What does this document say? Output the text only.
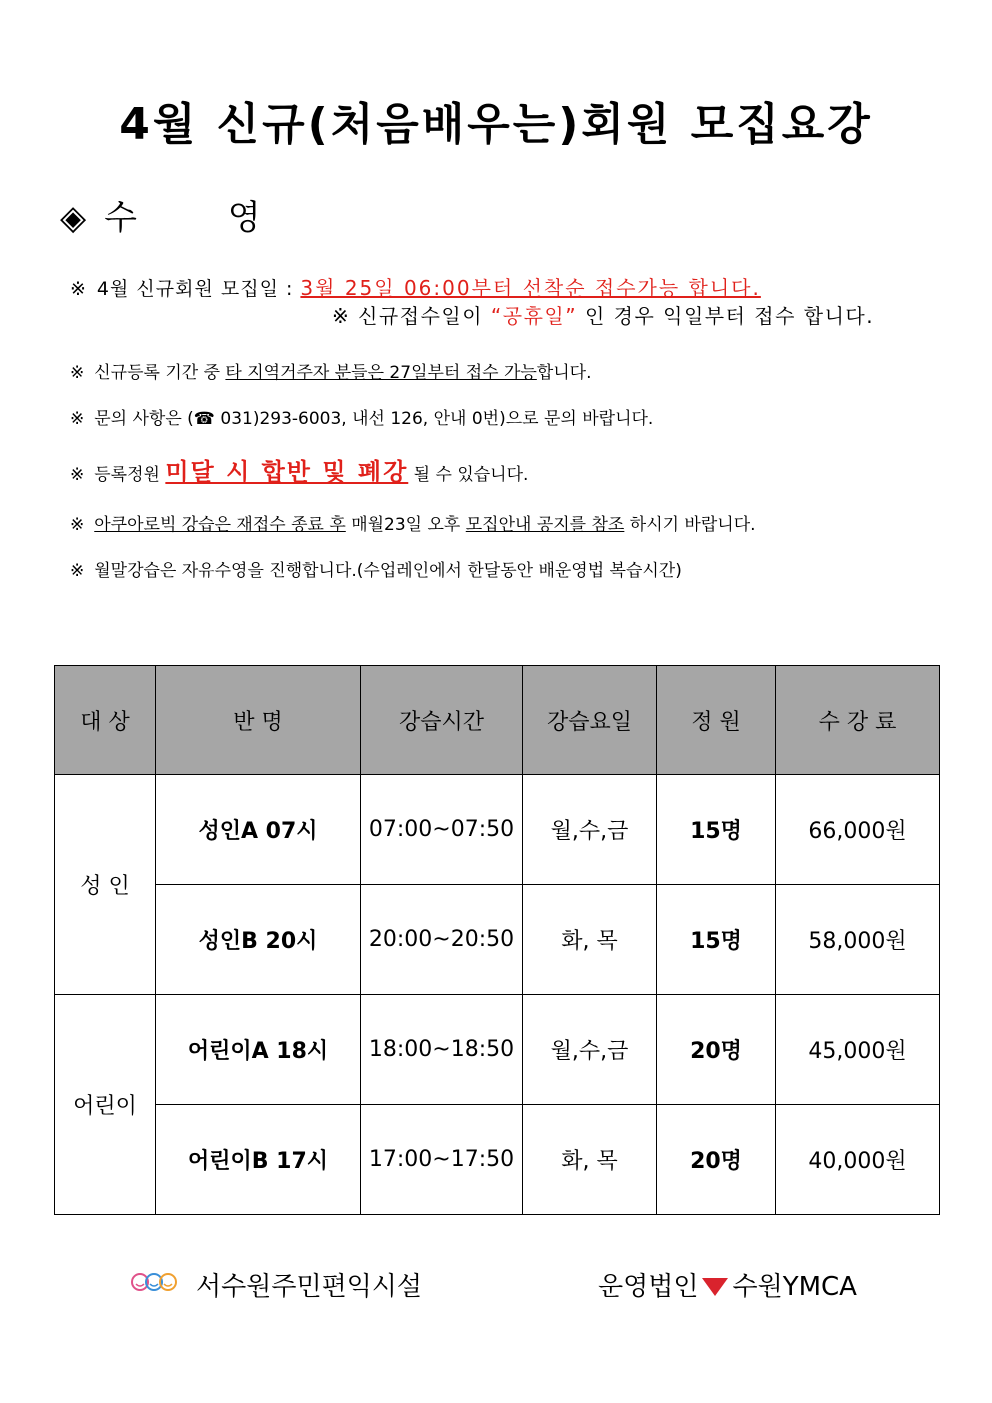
4월 신규(처음배우는)회원 모집요강
◈ 수 영
※ 4월 신규회원 모집일 : 3월 25일 06:00부터 선착순 접수가능 합니다.
※ 신규접수일이 “공휴일” 인 경우 익일부터 접수 합니다.
※ 신규등록 기간 중 타 지역거주자 분들은 27일부터 접수 가능합니다.
※ 문의 사항은 (☎ 031)293-6003, 내선 126, 안내 0번)으로 문의 바랍니다.
※ 등록정원 미달 시 합반 및 폐강 될 수 있습니다.
※ 아쿠아로빅 강습은 재접수 종료 후 매월23일 오후 모집안내 공지를 참조 하시기 바랍니다.
※ 월말강습은 자유수영을 진행합니다.(수업레인에서 한달동안 배운영법 복습시간)
대 상	반 명	강습시간	강습요일	정 원	수 강 료
성 인	성인A 07시	07:00~07:50	월,수,금	15명	66,000원
	성인B 20시	20:00~20:50	화, 목	15명	58,000원
어린이	어린이A 18시	18:00~18:50	월,수,금	20명	45,000원
	어린이B 17시	17:00~17:50	화, 목	20명	40,000원
서수원주민편익시설	운영법인 수원YMCA
